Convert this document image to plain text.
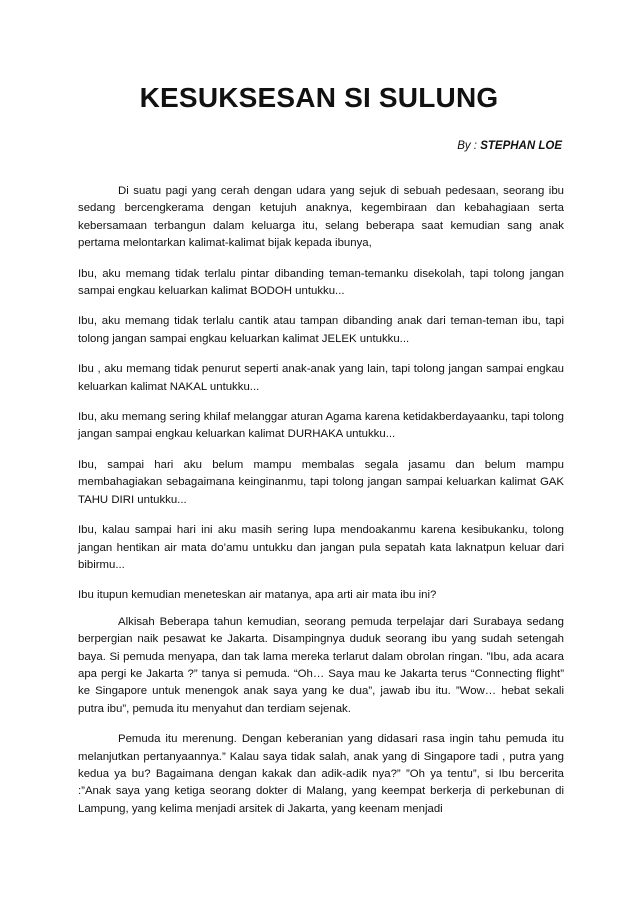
KESUKSESAN SI SULUNG

By : STEPHAN LOE

Di suatu pagi yang cerah dengan udara yang sejuk di sebuah pedesaan, seorang ibu sedang bercengkerama dengan ketujuh anaknya, kegembiraan dan kebahagiaan serta kebersamaan terbangun dalam keluarga itu, selang beberapa saat kemudian sang anak pertama melontarkan kalimat-kalimat bijak kepada ibunya,

Ibu, aku memang tidak terlalu pintar dibanding teman-temanku disekolah, tapi tolong jangan sampai engkau keluarkan kalimat BODOH untukku...

Ibu, aku memang tidak terlalu cantik atau tampan dibanding anak dari teman-teman ibu, tapi tolong jangan sampai engkau keluarkan kalimat JELEK untukku...

Ibu , aku memang tidak penurut seperti anak-anak yang lain, tapi tolong jangan sampai engkau keluarkan kalimat NAKAL untukku...

Ibu, aku memang sering khilaf melanggar aturan Agama karena ketidakberdayaanku, tapi tolong jangan sampai engkau keluarkan kalimat DURHAKA untukku...

Ibu, sampai hari aku belum mampu membalas segala jasamu dan belum mampu membahagiakan sebagaimana keinginanmu, tapi tolong jangan sampai keluarkan kalimat GAK TAHU DIRI untukku...

Ibu, kalau sampai hari ini aku masih sering lupa mendoakanmu karena kesibukanku, tolong jangan hentikan air mata do’amu untukku dan jangan pula sepatah kata laknatpun keluar dari bibirmu...

Ibu itupun kemudian meneteskan air matanya, apa arti air mata ibu ini?

Alkisah Beberapa tahun kemudian, seorang pemuda terpelajar dari Surabaya sedang berpergian naik pesawat ke Jakarta. Disampingnya duduk seorang ibu yang sudah setengah baya. Si pemuda menyapa, dan tak lama mereka terlarut dalam obrolan ringan. ”Ibu, ada acara apa pergi ke Jakarta ?” tanya si pemuda. “Oh… Saya mau ke Jakarta terus “Connecting flight” ke Singapore untuk menengok anak saya yang ke dua”, jawab ibu itu. ”Wow… hebat sekali putra ibu”, pemuda itu menyahut dan terdiam sejenak.

Pemuda itu merenung. Dengan keberanian yang didasari rasa ingin tahu pemuda itu melanjutkan pertanyaannya.” Kalau saya tidak salah, anak yang di Singapore tadi , putra yang kedua ya bu? Bagaimana dengan kakak dan adik-adik nya?” ”Oh ya tentu”, si Ibu bercerita :”Anak saya yang ketiga seorang dokter di Malang, yang keempat berkerja di perkebunan di Lampung, yang kelima menjadi arsitek di Jakarta, yang keenam menjadi
